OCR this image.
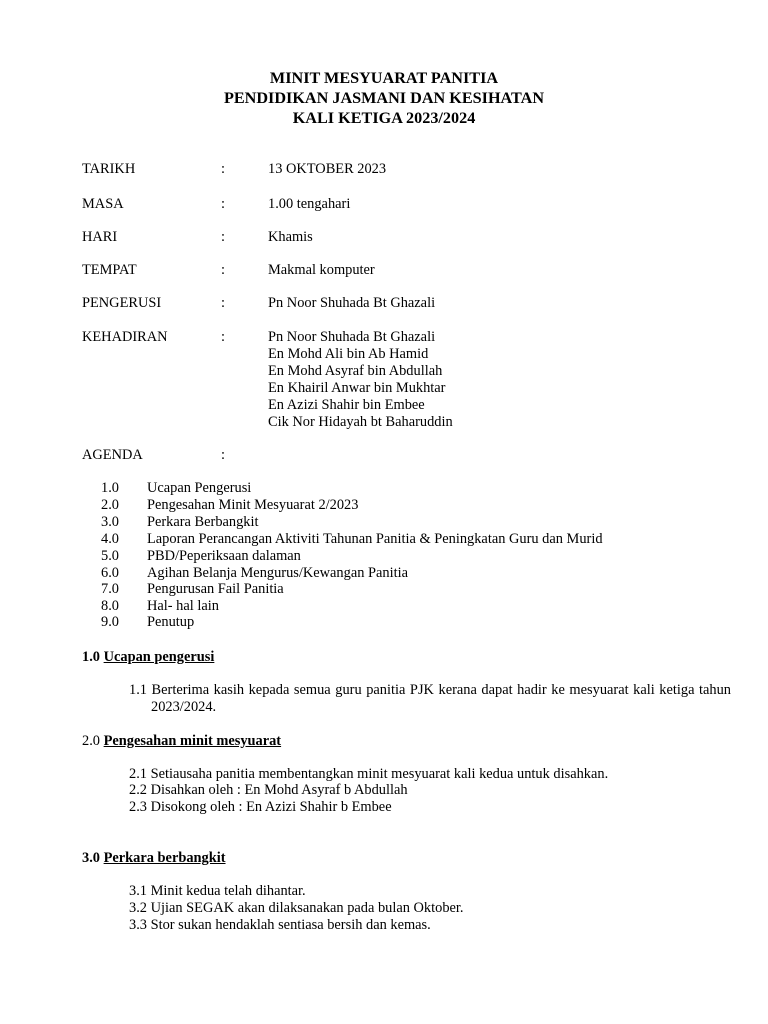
MINIT MESYUARAT PANITIA
PENDIDIKAN JASMANI DAN KESIHATAN
KALI KETIGA 2023/2024
TARIKH	:	13 OKTOBER 2023
MASA	:	1.00 tengahari
HARI	:	Khamis
TEMPAT	:	Makmal komputer
PENGERUSI	:	Pn Noor Shuhada Bt Ghazali
KEHADIRAN	:	Pn Noor Shuhada Bt Ghazali
En Mohd Ali bin Ab Hamid
En Mohd Asyraf bin Abdullah
En Khairil Anwar bin Mukhtar
En Azizi Shahir bin Embee
Cik Nor Hidayah bt Baharuddin
AGENDA	:
1.0 Ucapan Pengerusi
2.0 Pengesahan Minit Mesyuarat 2/2023
3.0 Perkara Berbangkit
4.0 Laporan Perancangan Aktiviti Tahunan Panitia & Peningkatan Guru dan Murid
5.0 PBD/Peperiksaan dalaman
6.0 Agihan Belanja Mengurus/Kewangan Panitia
7.0 Pengurusan Fail Panitia
8.0 Hal- hal lain
9.0 Penutup
1.0 Ucapan pengerusi
1.1 Berterima kasih kepada semua guru panitia PJK kerana dapat hadir ke mesyuarat kali ketiga tahun 2023/2024.
2.0 Pengesahan minit mesyuarat
2.1 Setiausaha panitia membentangkan minit mesyuarat kali kedua untuk disahkan.
2.2 Disahkan oleh : En Mohd Asyraf b Abdullah
2.3 Disokong oleh : En Azizi Shahir b Embee
3.0 Perkara berbangkit
3.1 Minit kedua telah dihantar.
3.2 Ujian SEGAK akan dilaksanakan pada bulan Oktober.
3.3 Stor sukan hendaklah sentiasa bersih dan kemas.
